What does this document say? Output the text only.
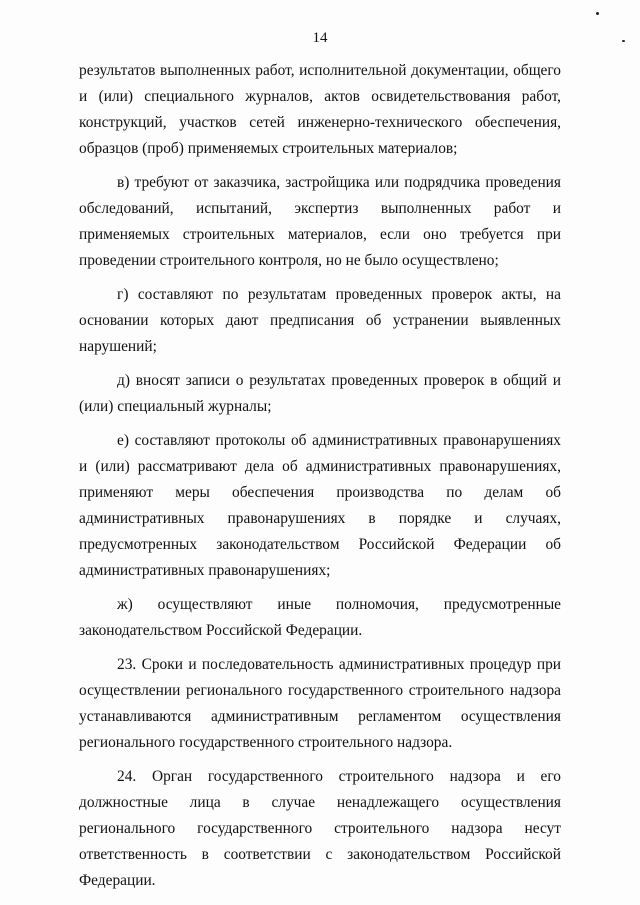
14

результатов выполненных работ, исполнительной документации, общего и (или) специального журналов, актов освидетельствования работ, конструкций, участков сетей инженерно-технического обеспечения, образцов (проб) применяемых строительных материалов;

в) требуют от заказчика, застройщика или подрядчика проведения обследований, испытаний, экспертиз выполненных работ и применяемых строительных материалов, если оно требуется при проведении строительного контроля, но не было осуществлено;

г) составляют по результатам проведенных проверок акты, на основании которых дают предписания об устранении выявленных нарушений;

д) вносят записи о результатах проведенных проверок в общий и (или) специальный журналы;

е) составляют протоколы об административных правонарушениях и (или) рассматривают дела об административных правонарушениях, применяют меры обеспечения производства по делам об административных правонарушениях в порядке и случаях, предусмотренных законодательством Российской Федерации об административных правонарушениях;

ж) осуществляют иные полномочия, предусмотренные законодательством Российской Федерации.

23. Сроки и последовательность административных процедур при осуществлении регионального государственного строительного надзора устанавливаются административным регламентом осуществления регионального государственного строительного надзора.

24. Орган государственного строительного надзора и его должностные лица в случае ненадлежащего осуществления регионального государственного строительного надзора несут ответственность в соответствии с законодательством Российской Федерации.
